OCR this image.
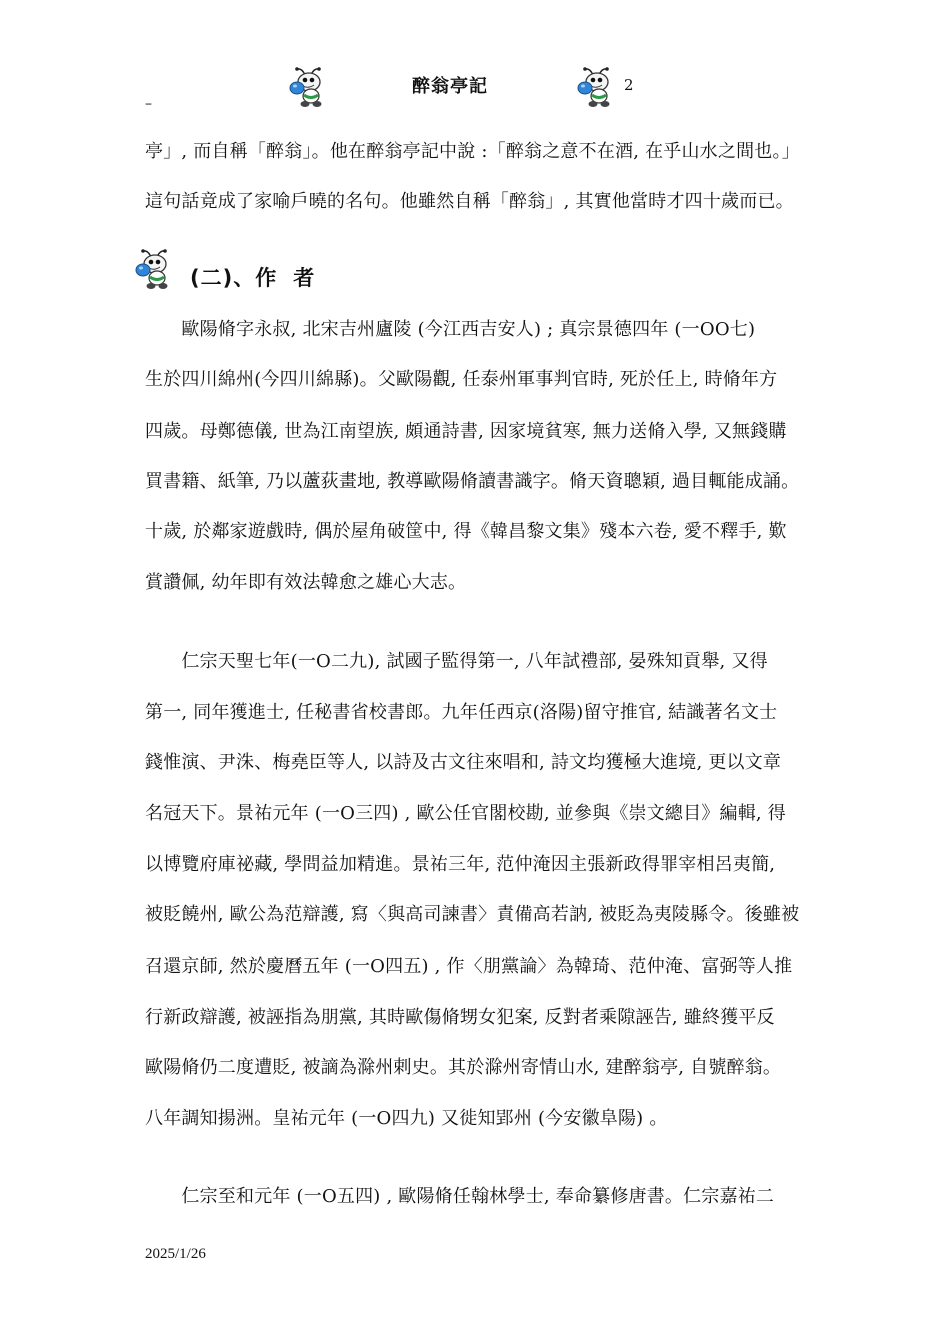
醉翁亭記	2
–
亭」, 而自稱「醉翁」。他在醉翁亭記中說 :「醉翁之意不在酒, 在乎山水之間也。」
這句話竟成了家喻戶曉的名句。他雖然自稱「醉翁」, 其實他當時才四十歲而已。
(二)、作 者
　　歐陽脩字永叔, 北宋吉州廬陵 (今江西吉安人) ; 真宗景德四年 (一OO七)
生於四川綿州(今四川綿縣)。父歐陽觀, 任泰州軍事判官時, 死於任上, 時脩年方
四歲。母鄭德儀, 世為江南望族, 頗通詩書, 因家境貧寒, 無力送脩入學, 又無錢購
買書籍、紙筆, 乃以蘆荻畫地, 教導歐陽脩讀書識字。脩天資聰穎, 過目輒能成誦。
十歲, 於鄰家遊戲時, 偶於屋角破筐中, 得《韓昌黎文集》殘本六卷, 愛不釋手, 歎
賞讚佩, 幼年即有效法韓愈之雄心大志。
　　仁宗天聖七年(一O二九), 試國子監得第一, 八年試禮部, 晏殊知貢舉, 又得
第一, 同年獲進士, 任秘書省校書郎。九年任西京(洛陽)留守推官, 結識著名文士
錢惟演、尹洙、梅堯臣等人, 以詩及古文往來唱和, 詩文均獲極大進境, 更以文章
名冠天下。景祐元年 (一O三四) , 歐公任官閣校勘, 並參與《崇文總目》編輯, 得
以博覽府庫祕藏, 學問益加精進。景祐三年, 范仲淹因主張新政得罪宰相呂夷簡,
被貶饒州, 歐公為范辯護, 寫〈與高司諫書〉責備高若訥, 被貶為夷陵縣令。後雖被
召還京師, 然於慶曆五年 (一O四五) , 作〈朋黨論〉為韓琦、范仲淹、富弼等人推
行新政辯護, 被誣指為朋黨, 其時歐傷脩甥女犯案, 反對者乘隙誣告, 雖終獲平反
歐陽脩仍二度遭貶, 被謫為滁州剌史。其於滁州寄情山水, 建醉翁亭, 自號醉翁。
八年調知揚洲。皇祐元年 (一O四九) 又徙知郢州 (今安徽阜陽) 。
　　仁宗至和元年 (一O五四) , 歐陽脩任翰林學士, 奉命纂修唐書。仁宗嘉祐二
2025/1/26
